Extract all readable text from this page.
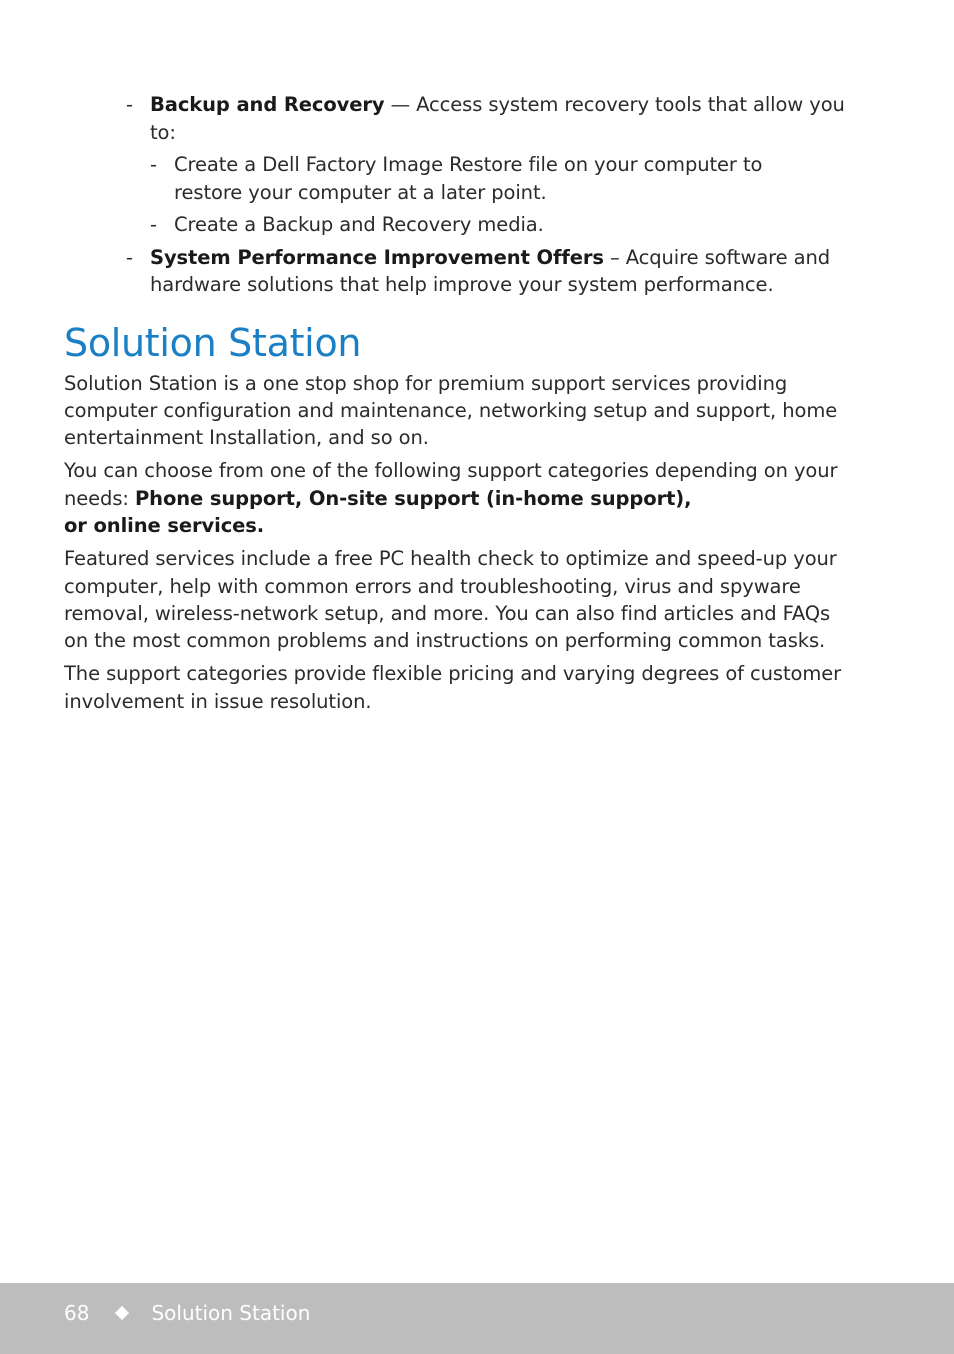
- Backup and Recovery — Access system recovery tools that allow you to:
- Create a Dell Factory Image Restore file on your computer to restore your computer at a later point.
- Create a Backup and Recovery media.
- System Performance Improvement Offers – Acquire software and hardware solutions that help improve your system performance.
Solution Station

Solution Station is a one stop shop for premium support services providing computer configuration and maintenance, networking setup and support, home entertainment Installation, and so on.

You can choose from one of the following support categories depending on your needs: Phone support, On-site support (in-home support),
or online services.

Featured services include a free PC health check to optimize and speed-up your computer, help with common errors and troubleshooting, virus and spyware removal, wireless-network setup, and more. You can also find articles and FAQs on the most common problems and instructions on performing common tasks.

The support categories provide flexible pricing and varying degrees of customer involvement in issue resolution.

68	Solution Station
